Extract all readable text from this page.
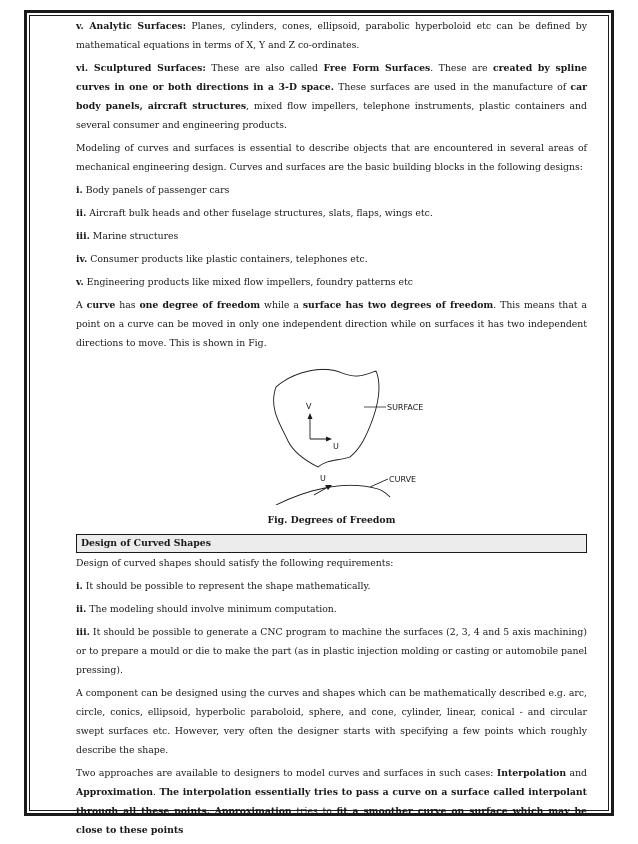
v. Analytic Surfaces: Planes, cylinders, cones, ellipsoid, parabolic hyperboloid etc can be defined by mathematical equations in terms of X, Y and Z co-ordinates.

vi. Sculptured Surfaces: These are also called Free Form Surfaces. These are created by spline curves in one or both directions in a 3-D space. These surfaces are used in the manufacture of car body panels, aircraft structures, mixed flow impellers, telephone instruments, plastic containers and several consumer and engineering products.

Modeling of curves and surfaces is essential to describe objects that are encountered in several areas of mechanical engineering design. Curves and surfaces are the basic building blocks in the following designs:

i. Body panels of passenger cars

ii. Aircraft bulk heads and other fuselage structures, slats, flaps, wings etc.

iii. Marine structures

iv. Consumer products like plastic containers, telephones etc.

v. Engineering products like mixed flow impellers, foundry patterns etc

A curve has one degree of freedom while a surface has two degrees of freedom. This means that a point on a curve can be moved in only one independent direction while on surfaces it has two independent directions to move. This is shown in Fig.

V
U
SURFACE
U	CURVE
Fig. Degrees of Freedom
Design of Curved Shapes

Design of curved shapes should satisfy the following requirements:

i. It should be possible to represent the shape mathematically.

ii. The modeling should involve minimum computation.

iii. It should be possible to generate a CNC program to machine the surfaces (2, 3, 4 and 5 axis machining) or to prepare a mould or die to make the part (as in plastic injection molding or casting or automobile panel pressing).

A component can be designed using the curves and shapes which can be mathematically described e.g. arc, circle, conics, ellipsoid, hyperbolic paraboloid, sphere, and cone, cylinder, linear, conical - and circular swept surfaces etc. However, very often the designer starts with specifying a few points which roughly describe the shape.

Two approaches are available to designers to model curves and surfaces in such cases: Interpolation and Approximation. The interpolation essentially tries to pass a curve on a surface called interpolant through all these points. Approximation tries to fit a smoother curve on surface which may be close to these points
